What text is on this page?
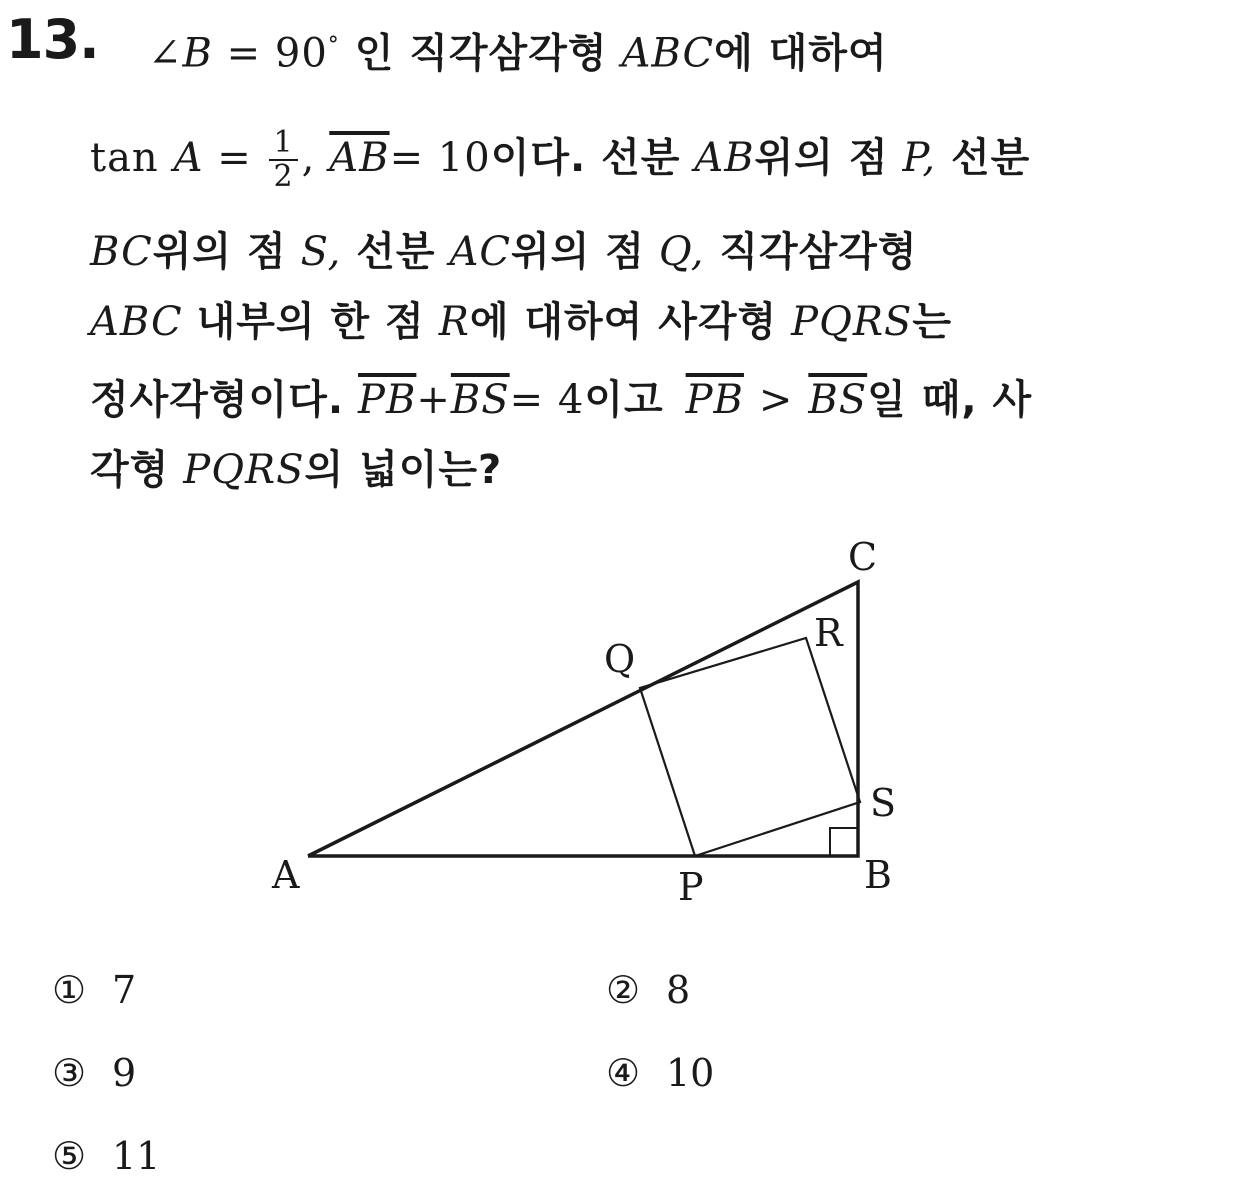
13. ∠B = 90° 인 직각삼각형 ABC에 대하여
$\tan A = \frac{1}{2}$ , $\overline{AB}= 10$이다. 선분 AB위의 점 P, 선분
BC위의 점 S, 선분 AC위의 점 Q, 직각삼각형
ABC 내부의 한 점 R에 대하여 사각형 PQRS는
정사각형이다. $\overline{PB}+\overline{BS}= 4$이고 $\overline{PB} > \overline{BS}$일 때, 사
각형 PQRS의 넓이는?
A	B
C
P
Q
R
S
① 7	② 8
③ 9	④ 10
⑤ 11
